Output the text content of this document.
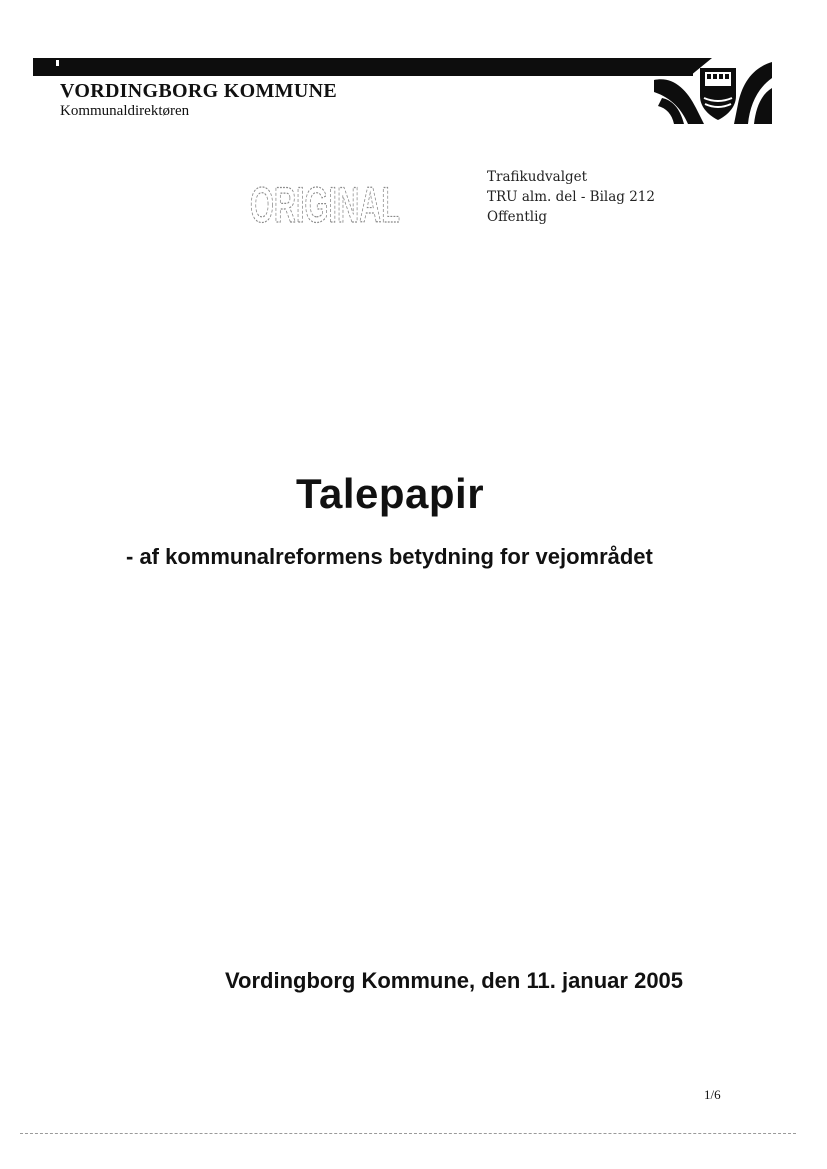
VORDINGBORG KOMMUNE
Kommunaldirektøren
ORIGINAL	Trafikudvalget
TRU alm. del - Bilag 212
Offentlig
Talepapir
- af kommunalreformens betydning for vejområdet
Vordingborg Kommune, den 11. januar 2005
1/6
